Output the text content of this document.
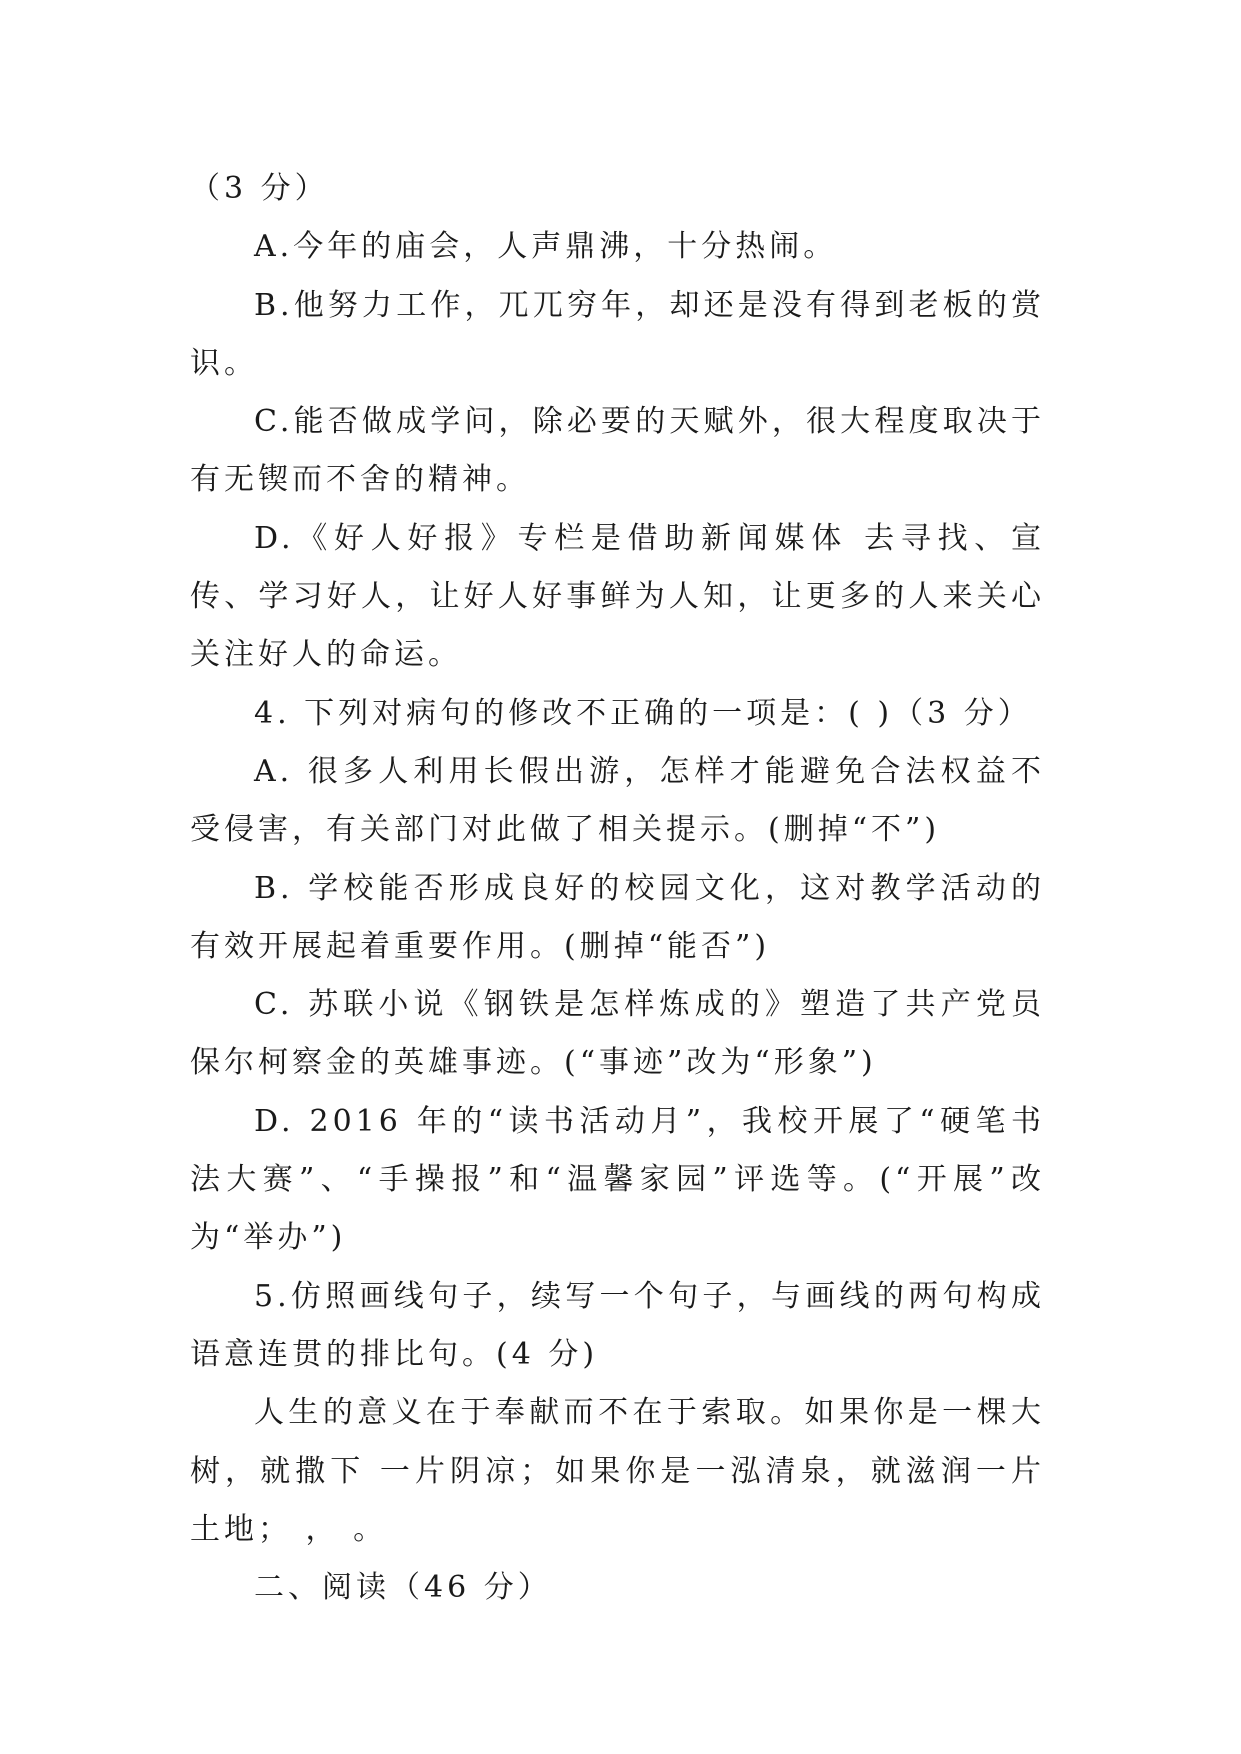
（3 分）

A.今年的庙会，人声鼎沸，十分热闹。

B.他努力工作，兀兀穷年，却还是没有得到老板的赏识。

C.能否做成学问，除必要的天赋外，很大程度取决于有无锲而不舍的精神。

D.《好人好报》专栏是借助新闻媒体 去寻找、宣传、学习好人，让好人好事鲜为人知，让更多的人来关心关注好人的命运。

4. 下列对病句的修改不正确的一项是：( )（3 分）

A. 很多人利用长假出游，怎样才能避免合法权益不受侵害，有关部门对此做了相关提示。(删掉“不”)

B. 学校能否形成良好的校园文化，这对教学活动的有效开展起着重要作用。(删掉“能否”)

C. 苏联小说《钢铁是怎样炼成的》塑造了共产党员保尔柯察金的英雄事迹。(“事迹”改为“形象”)

D. 2016 年的“读书活动月”，我校开展了“硬笔书法大赛”、“手操报”和“温馨家园”评选等。(“开展”改为“举办”)

5.仿照画线句子，续写一个句子，与画线的两句构成语意连贯的排比句。(4 分)

人生的意义在于奉献而不在于索取。如果你是一棵大树，就撒下 一片阴凉；如果你是一泓清泉，就滋润一片土地； ， 。

二、阅读（46 分）
